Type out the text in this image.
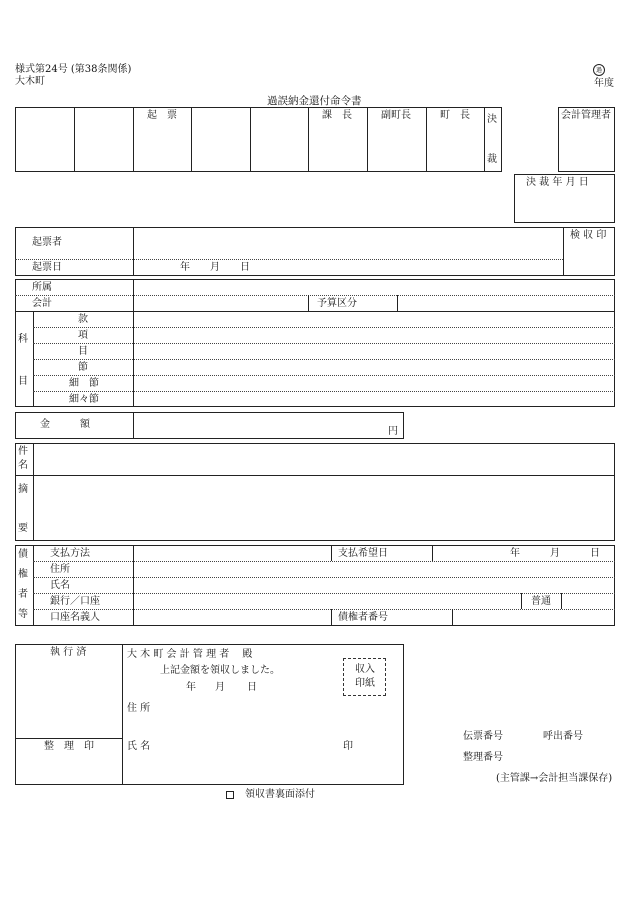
様式第24号 (第38条関係)
大木町
過
年度
過誤納金還付命令書
起　票	課　長	副町長	町　長 決
裁
会計管理者
決 裁 年 月 日
起票者
起票日	年 月 日
検 収 印
所属
会計	予算区分
科
目
款
項
目
節
細　節
細々節
金　　　額
円
件
名
摘
要
債
権
者
等
支払方法	支払希望日	年	月	日
住所
氏名
銀行／口座	普通
口座名義人	債権者番号
執 行 済
整　理　印
大 木 町 会 計 管 理 者　 殿
上記金額を領収しました。
年 月 日
収入
印紙
住 所
氏 名	印
伝票番号	呼出番号
整理番号
(主管課→会計担当課保存)
領収書裏面添付
